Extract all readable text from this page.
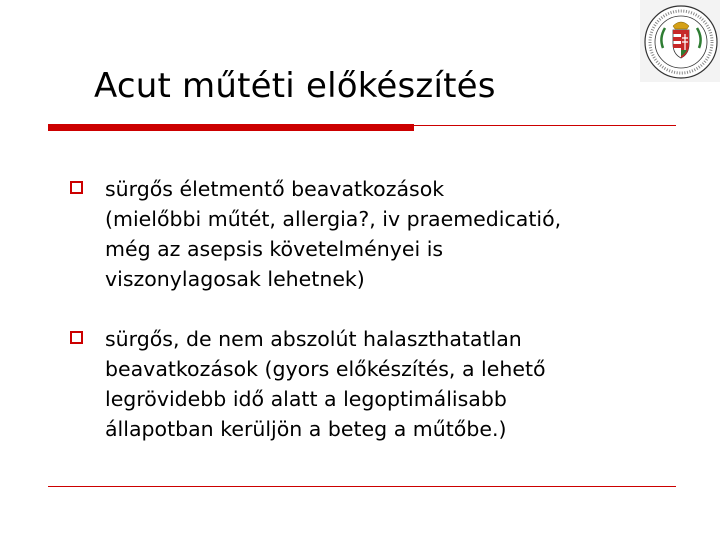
Acut műtéti előkészítés
sürgős életmentő beavatkozások
(mielőbbi műtét, allergia?, iv praemedicatió,
még az asepsis követelményei is
viszonylagosak lehetnek)
sürgős, de nem abszolút halaszthatatlan
beavatkozások (gyors előkészítés, a lehető
legrövidebb idő alatt a legoptimálisabb
állapotban kerüljön a beteg a műtőbe.)
